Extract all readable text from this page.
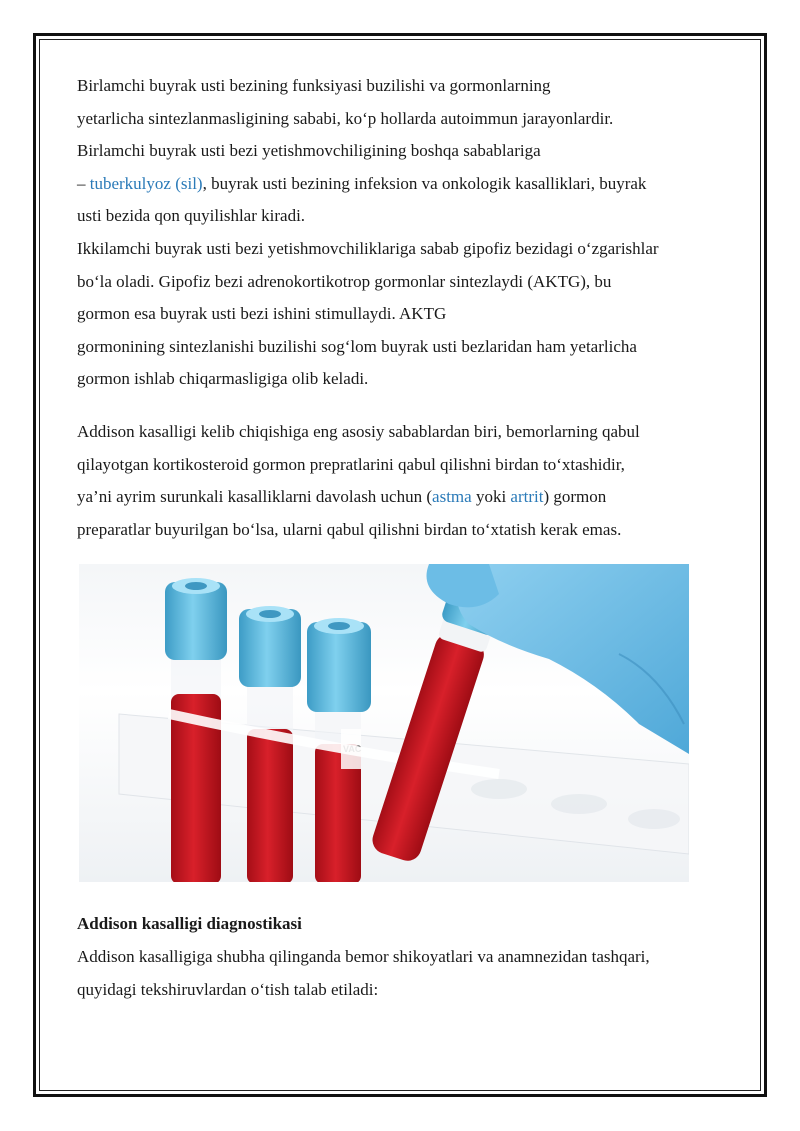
Birlamchi buyrak usti bezining funksiyasi buzilishi va gormonlarning

yetarlicha sintezlanmasligining sababi, ko‘p hollarda autoimmun jarayonlardir.

Birlamchi buyrak usti bezi yetishmovchiligining boshqa sabablariga

– tuberkulyoz (sil), buyrak usti bezining infeksion va onkologik kasalliklari, buyrak

usti bezida qon quyilishlar kiradi.

Ikkilamchi buyrak usti bezi yetishmovchiliklariga sabab gipofiz bezidagi o‘zgarishlar

bo‘la oladi. Gipofiz bezi adrenokortikotrop gormonlar sintezlaydi (AKTG), bu

gormon esa buyrak usti bezi ishini stimullaydi. AKTG

gormonining sintezlanishi buzilishi sog‘lom buyrak usti bezlaridan ham yetarlicha

gormon ishlab chiqarmasligiga olib keladi.

Addison kasalligi kelib chiqishiga eng asosiy sabablardan biri, bemorlarning qabul

qilayotgan kortikosteroid gormon prepratlarini qabul qilishni birdan to‘xtashidir,

ya’ni ayrim surunkali kasalliklarni davolash uchun (astma yoki artrit) gormon

preparatlar buyurilgan bo‘lsa, ularni qabul qilishni birdan to‘xtatish kerak emas.

VAC

Addison kasalligi diagnostikasi

Addison kasalligiga shubha qilinganda bemor shikoyatlari va anamnezidan tashqari,

quyidagi tekshiruvlardan o‘tish talab etiladi:
